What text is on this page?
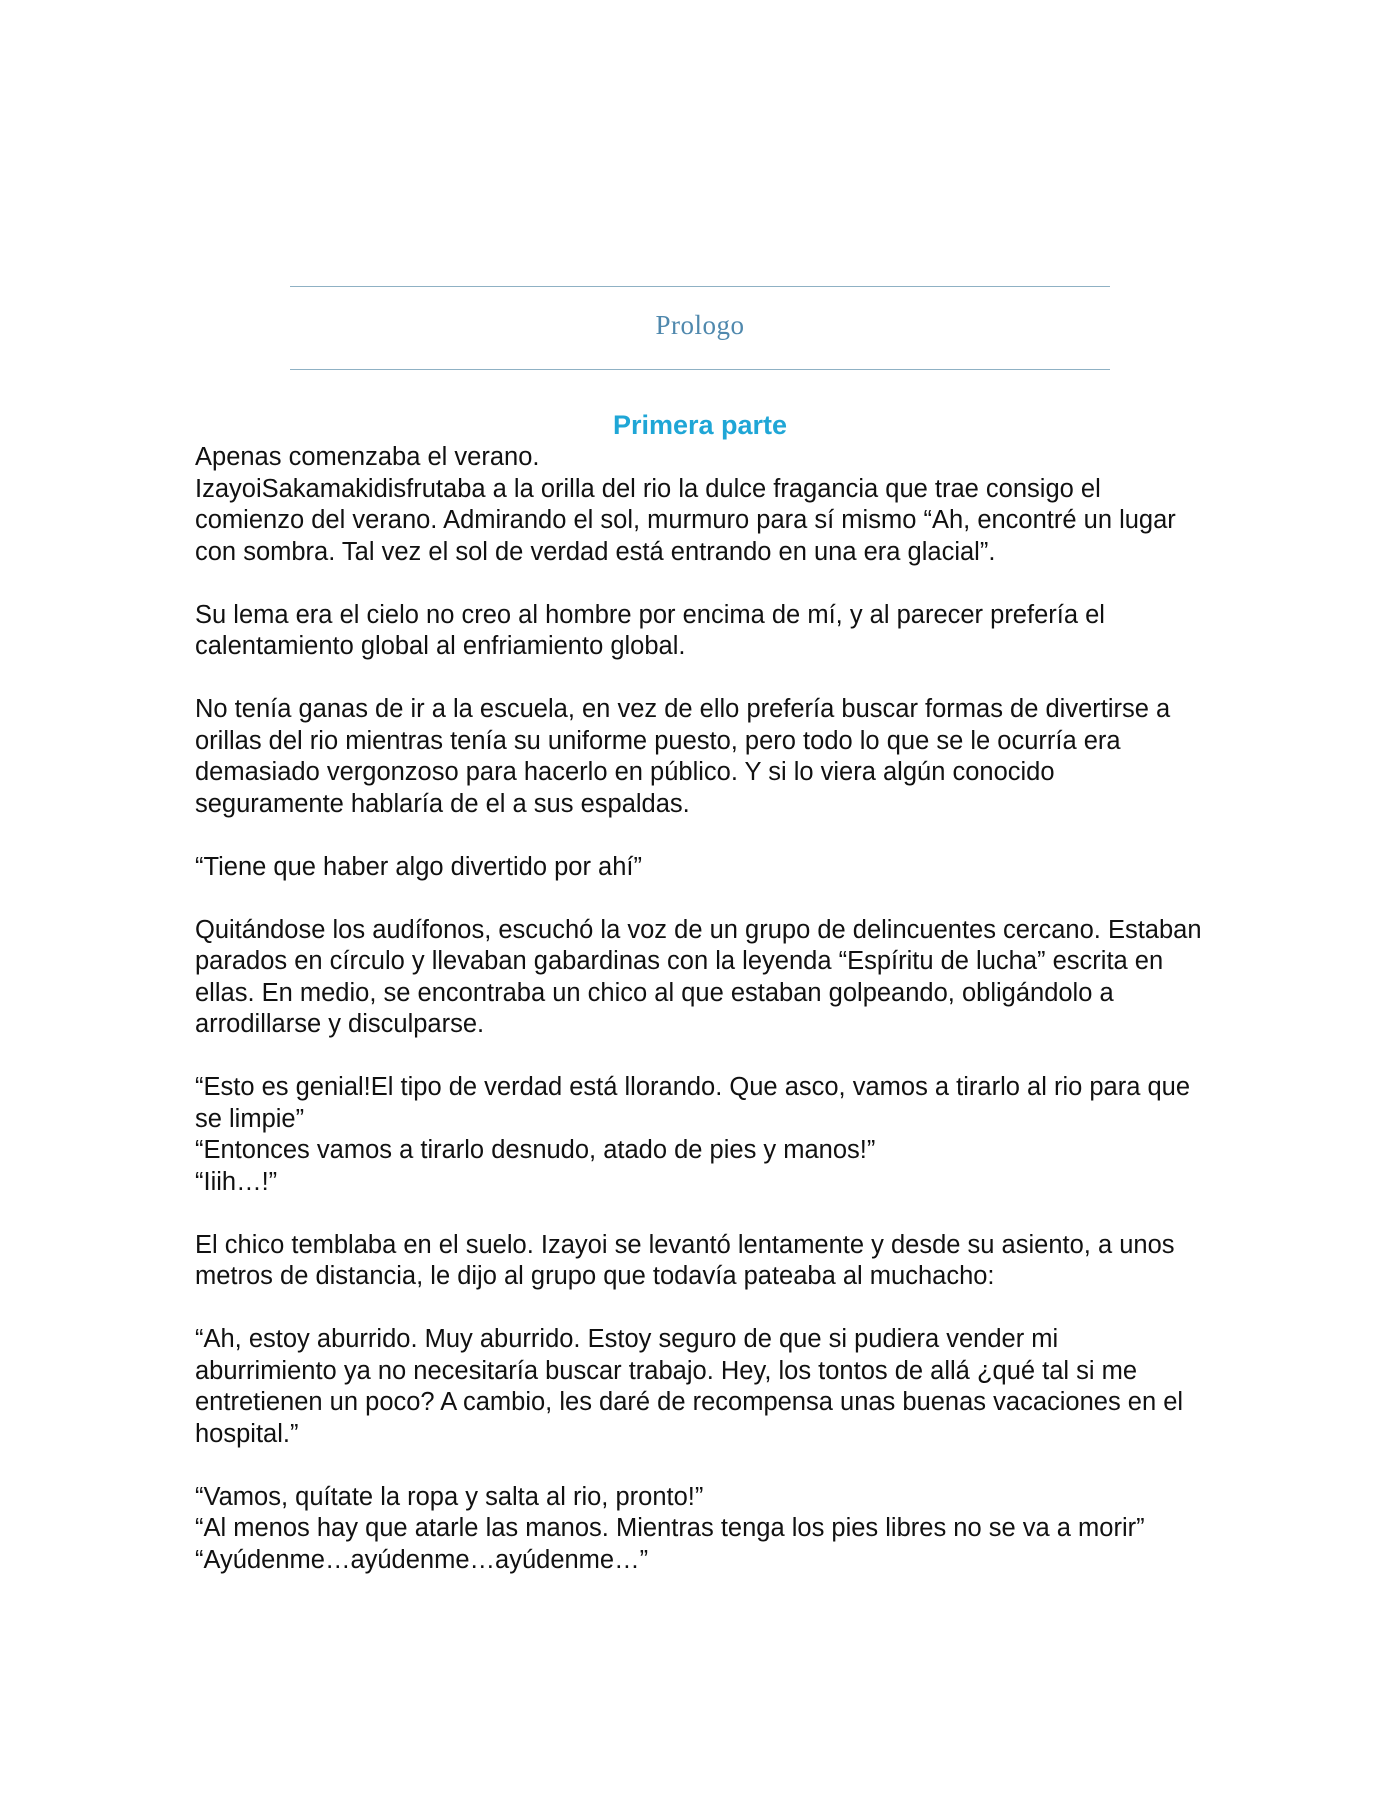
Prologo
Primera parte

Apenas comenzaba el verano.

IzayoiSakamakidisfrutaba a la orilla del rio la dulce fragancia que trae consigo el comienzo del verano. Admirando el sol, murmuro para sí mismo “Ah, encontré un lugar con sombra. Tal vez el sol de verdad está entrando en una era glacial”.

Su lema era el cielo no creo al hombre por encima de mí, y al parecer prefería el calentamiento global al enfriamiento global.

No tenía ganas de ir a la escuela, en vez de ello prefería buscar formas de divertirse a orillas del rio mientras tenía su uniforme puesto, pero todo lo que se le ocurría era demasiado vergonzoso para hacerlo en público. Y si lo viera algún conocido seguramente hablaría de el a sus espaldas.

“Tiene que haber algo divertido por ahí”

Quitándose los audífonos, escuchó la voz de un grupo de delincuentes cercano. Estaban parados en círculo y llevaban gabardinas con la leyenda “Espíritu de lucha” escrita en ellas. En medio, se encontraba un chico al que estaban golpeando, obligándolo a arrodillarse y disculparse.

“Esto es genial!El tipo de verdad está llorando. Que asco, vamos a tirarlo al rio para que se limpie”

“Entonces vamos a tirarlo desnudo, atado de pies y manos!”

“Iiih…!”

El chico temblaba en el suelo. Izayoi se levantó lentamente y desde su asiento, a unos metros de distancia, le dijo al grupo que todavía pateaba al muchacho:

“Ah, estoy aburrido. Muy aburrido. Estoy seguro de que si pudiera vender mi aburrimiento ya no necesitaría buscar trabajo. Hey, los tontos de allá ¿qué tal si me entretienen un poco? A cambio, les daré de recompensa unas buenas vacaciones en el hospital.”

“Vamos, quítate la ropa y salta al rio, pronto!”

“Al menos hay que atarle las manos. Mientras tenga los pies libres no se va a morir”

“Ayúdenme…ayúdenme…ayúdenme…”
